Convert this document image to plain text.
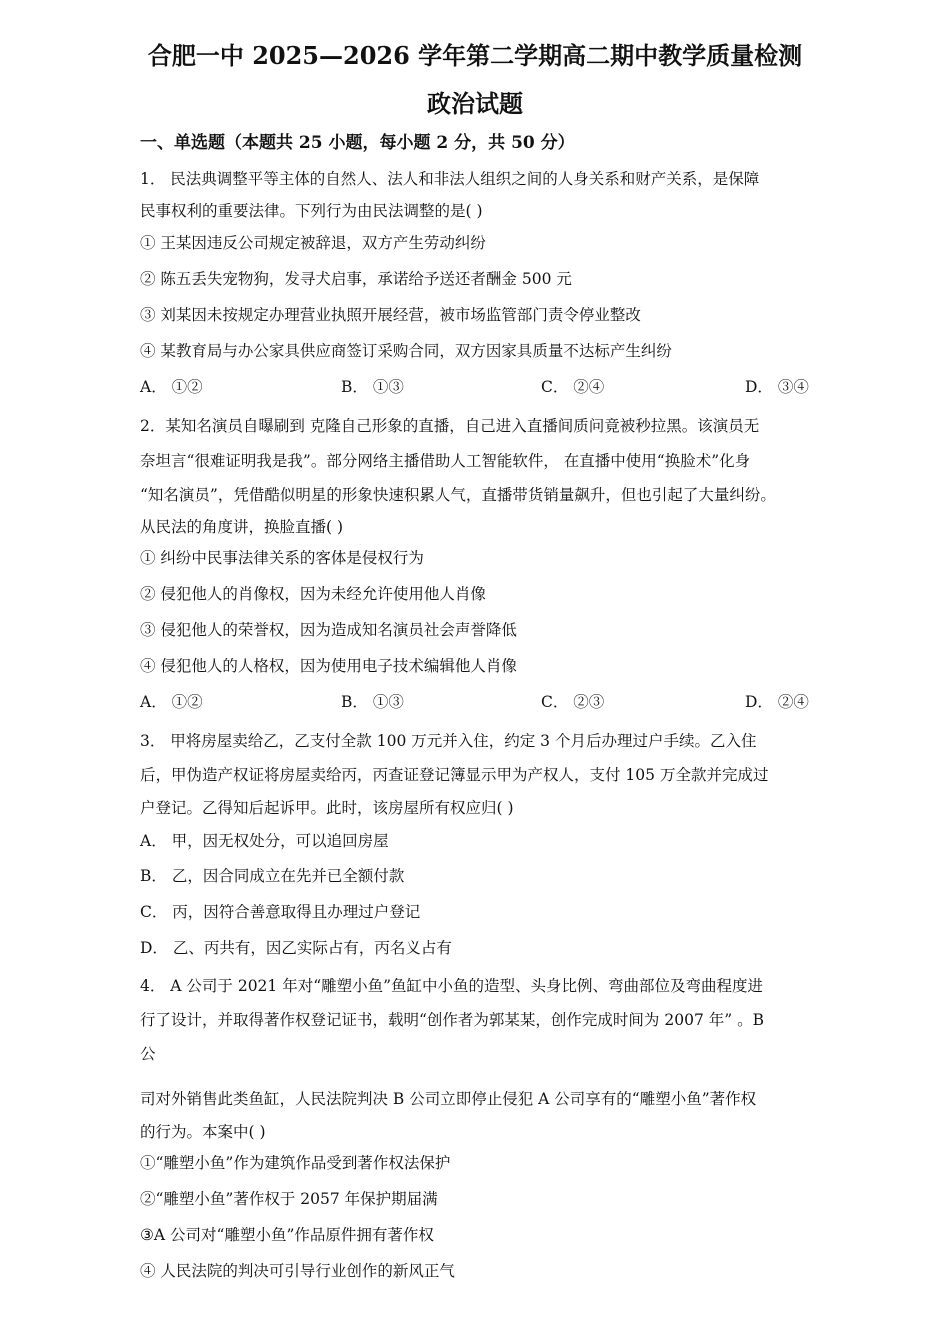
合肥一中 2025—2026 学年第二学期高二期中教学质量检测
政治试题
一、单选题（本题共 25 小题，每小题 2 分，共 50 分）
1． 民法典调整平等主体的自然人、法人和非法人组织之间的人身关系和财产关系，是保障
民事权利的重要法律。下列行为由民法调整的是( )
① 王某因违反公司规定被辞退，双方产生劳动纠纷
② 陈五丢失宠物狗，发寻犬启事，承诺给予送还者酬金 500 元
③ 刘某因未按规定办理营业执照开展经营，被市场监管部门责令停业整改
④ 某教育局与办公家具供应商签订采购合同，双方因家具质量不达标产生纠纷
A． ①②	B． ①③	C． ②④	D． ③④
2．某知名演员自曝刷到 克隆自己形象的直播，自己进入直播间质问竟被秒拉黑。该演员无
奈坦言“很难证明我是我”。部分网络主播借助人工智能软件， 在直播中使用“换脸术”化身
“知名演员”，凭借酷似明星的形象快速积累人气，直播带货销量飙升，但也引起了大量纠纷。
从民法的角度讲，换脸直播( )
① 纠纷中民事法律关系的客体是侵权行为
② 侵犯他人的肖像权，因为未经允许使用他人肖像
③ 侵犯他人的荣誉权，因为造成知名演员社会声誉降低
④ 侵犯他人的人格权，因为使用电子技术编辑他人肖像
A． ①②	B． ①③	C． ②③	D． ②④
3． 甲将房屋卖给乙，乙支付全款 100 万元并入住，约定 3 个月后办理过户手续。乙入住
后，甲伪造产权证将房屋卖给丙，丙查证登记簿显示甲为产权人，支付 105 万全款并完成过
户登记。乙得知后起诉甲。此时，该房屋所有权应归( )
A． 甲，因无权处分，可以追回房屋
B． 乙，因合同成立在先并已全额付款
C． 丙，因符合善意取得且办理过户登记
D． 乙、丙共有，因乙实际占有，丙名义占有
4． A 公司于 2021 年对“雕塑小鱼”鱼缸中小鱼的造型、头身比例、弯曲部位及弯曲程度进
行了设计，并取得著作权登记证书，载明“创作者为郭某某，创作完成时间为 2007 年” 。B
公
司对外销售此类鱼缸，人民法院判决 B 公司立即停止侵犯 A 公司享有的“雕塑小鱼”著作权
的行为。本案中( )
①“雕塑小鱼”作为建筑作品受到著作权法保护
②“雕塑小鱼”著作权于 2057 年保护期届满
③A 公司对“雕塑小鱼”作品原件拥有著作权
④ 人民法院的判决可引导行业创作的新风正气
